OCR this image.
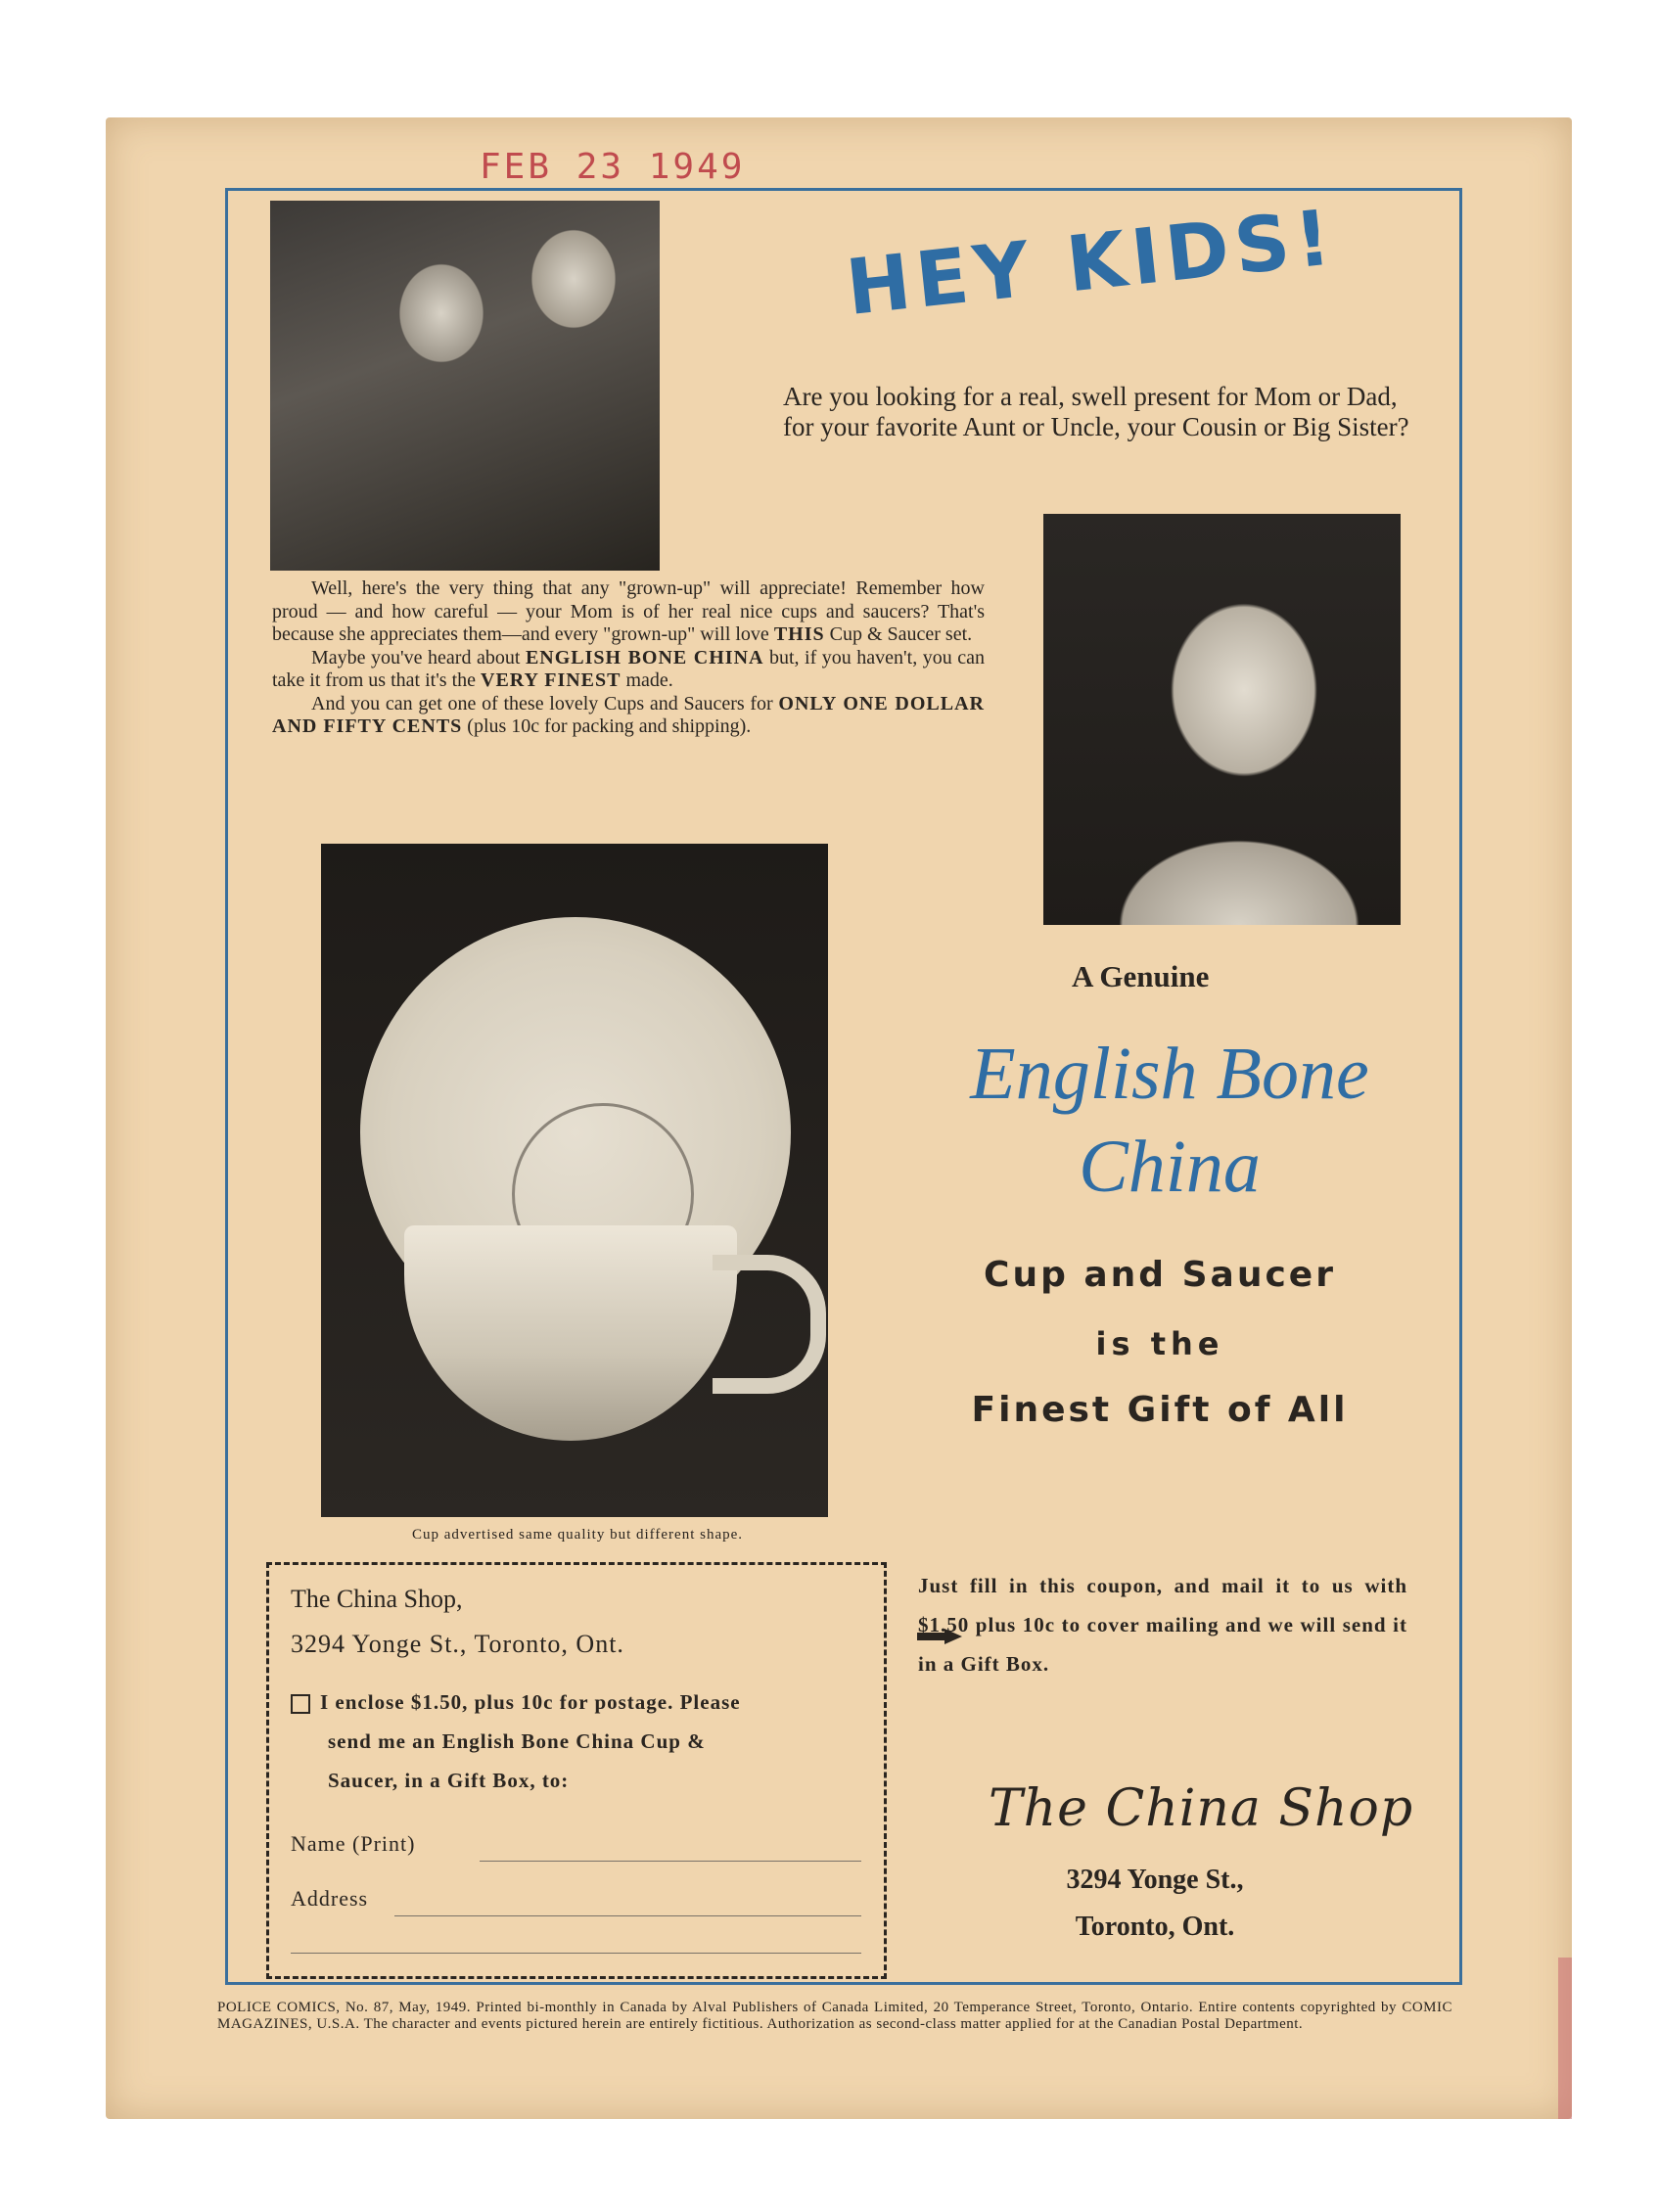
FEB 23 1949
HEY KIDS!
Are you looking for a real, swell present for Mom or Dad, for your favorite Aunt or Uncle, your Cousin or Big Sister?

Well, here's the very thing that any "grown-up" will appreciate! Remember how proud — and how careful — your Mom is of her real nice cups and saucers? That's because she appreciates them—and every "grown-up" will love THIS Cup & Saucer set.

Maybe you've heard about ENGLISH BONE CHINA but, if you haven't, you can take it from us that it's the VERY FINEST made.

And you can get one of these lovely Cups and Saucers for ONLY ONE DOLLAR AND FIFTY CENTS (plus 10c for packing and shipping).

Cup advertised same quality but different shape.
A Genuine
English Bone
China
Cup and Saucer
is the
Finest Gift of All
The China Shop,
3294 Yonge St., Toronto, Ont.
I enclose $1.50, plus 10c for postage. Please
send me an English Bone China Cup &
Saucer, in a Gift Box, to:
Name (Print)
Address
Just fill in this coupon, and mail it to us with $1.50 plus 10c to cover mailing and we will send it in a Gift Box.
The China Shop
3294 Yonge St.,
Toronto, Ont.
POLICE COMICS, No. 87, May, 1949. Printed bi-monthly in Canada by Alval Publishers of Canada Limited, 20 Temperance Street, Toronto, Ontario. Entire contents copyrighted by COMIC MAGAZINES, U.S.A. The character and events pictured herein are entirely fictitious. Authorization as second-class matter applied for at the Canadian Postal Department.
